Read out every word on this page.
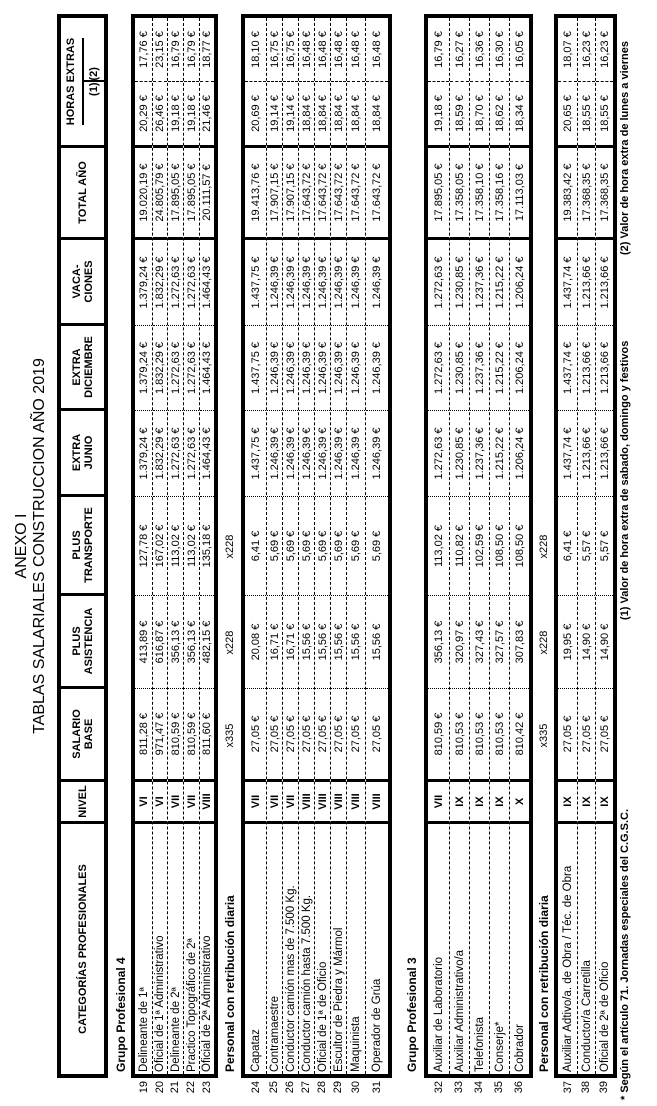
ANEXO I TABLAS SALARIALES CONSTRUCCION AÑO 2019
CATEGORÍAS PROFESIONALES
NIVEL
SALARIO
BASE
PLUS
ASISTENCIA
PLUS
TRANSPORTE
EXTRA
JUNIO
EXTRA
DICIEMBRE
VACA-
CIONES
TOTAL AÑO
HORAS EXTRAS (1)
(2)
* Según el artículo 71. Jornadas especiales del C.G.S.C.
(1) Valor de hora extra de sabado, domingo y festivos
(2) Valor de hora extra de lunes a viernes
Grupo Profesional 4 Delineante de 1ª
VI
811,28 €
413,89 €
127,78 €
1.379,24 €
1.379,24 €
1.379,24 €
19.020,19 €
20,29 €
17,76 €
Oficial de 1ª Administrativo
VI
971,47 €
616,87 €
167,02 €
1.832,29 €
1.832,29 €
1.832,29 €
24.805,79 €
26,46 €
23,15 €
Delineante de 2ª
VII
810,59 €
356,13 €
113,02 €
1.272,63 €
1.272,63 €
1.272,63 €
17.895,05 €
19,18 €
16,79 €
Practico Topográfico de 2ª
VII
810,59 €
356,13 €
113,02 €
1.272,63 €
1.272,63 €
1.272,63 €
17.895,05 €
19,18 €
16,79 €
Oficial de 2ª Administrativo
VIII
811,60 €
482,15 €
135,18 €
1.464,43 €
1.464,43 €
1.464,43 €
20.111,57 €
21,46 €
18,77 €
19 20 21 22 23
Personal con retribución diaria
x335
x228
x228
Capataz
VII
27,05 €
20,08 €
6,41 €
1.437,75 €
1.437,75 €
1.437,75 €
19.413,76 €
20,69 €
18,10 €
Contramaestre
VII
27,05 €
16,71 €
5,69 €
1.246,39 €
1.246,39 €
1.246,39 €
17.907,15 €
19,14 €
16,75 €
Conductor camión mas de 7.500 Kg.
VII
27,05 €
16,71 €
5,69 €
1.246,39 €
1.246,39 €
1.246,39 €
17.907,15 €
19,14 €
16,75 €
Conductor camión hasta 7.500 Kg.
VIII
27,05 €
15,56 €
5,69 €
1.246,39 €
1.246,39 €
1.246,39 €
17.643,72 €
18,84 €
16,48 €
Oficial de 1ª de Oficio
VIII
27,05 €
15,56 €
5,69 €
1.246,39 €
1.246,39 €
1.246,39 €
17.643,72 €
18,84 €
16,48 €
Escultor de Piedra y Mármol
VIII
27,05 €
15,56 €
5,69 €
1.246,39 €
1.246,39 €
1.246,39 €
17.643,72 €
18,84 €
16,48 €
Maquinista
VIII
27,05 €
15,56 €
5,69 €
1.246,39 €
1.246,39 €
1.246,39 €
17.643,72 €
18,84 €
16,48 €
Operador de Grúa
VIII
27,05 €
15,56 €
5,69 €
1.246,39 €
1.246,39 €
1.246,39 €
17.643,72 €
18,84 €
16,48 €
24 25 26 27 28 29 30 31
Grupo Profesional 3	Auxiliar de Laboratorio
VII
810,59 €
356,13 €
113,02 €
1.272,63 €
1.272,63 €
1.272,63 €
17.895,05 €
19,18 €
16,79 €
Auxiliar Administrativo/a
IX
810,53 €
320,97 €
110,82 €
1.230,85 €
1.230,85 €
1.230,85 €
17.358,05 €
18,59 €
16,27 €
Telefonista
IX
810,53 €
327,43 €
102,59 €
1.237,36 €
1.237,36 €
1.237,36 €
17.358,10 €
18,70 €
16,36 €
Conserje*
IX
810,53 €
327,57 €
108,50 €
1.215,22 €
1.215,22 €
1.215,22 €
17.358,16 €
18,62 €
16,30 €
Cobrador
X
810,42 €
307,83 €
108,50 €
1.206,24 €
1.206,24 €
1.206,24 €
17.113,03 €
18,34 €
16,05 €
32 33 34 35 36
Personal con retribución diaria
x335
x228
x228
Auxiliar Adtivo/a. de Obra / Téc. de Obra
IX
27,05 €
19,95 €
6,41 €
1.437,74 €
1.437,74 €
1.437,74 €
19.383,42 €
20,65 €
18,07 €
Conductor/a Carretilla
IX
27,05 €
14,90 €
5,57 €
1.213,66 €
1.213,66 €
1.213,66 €
17.368,35 €
18,55 €
16,23 €
Oficial de 2ª de Oficio
IX
27,05 €
14,90 €
5,57 €
1.213,66 €
1.213,66 €
1.213,66 €
17.368,35 €
18,55 €
16,23 €
37 38 39
